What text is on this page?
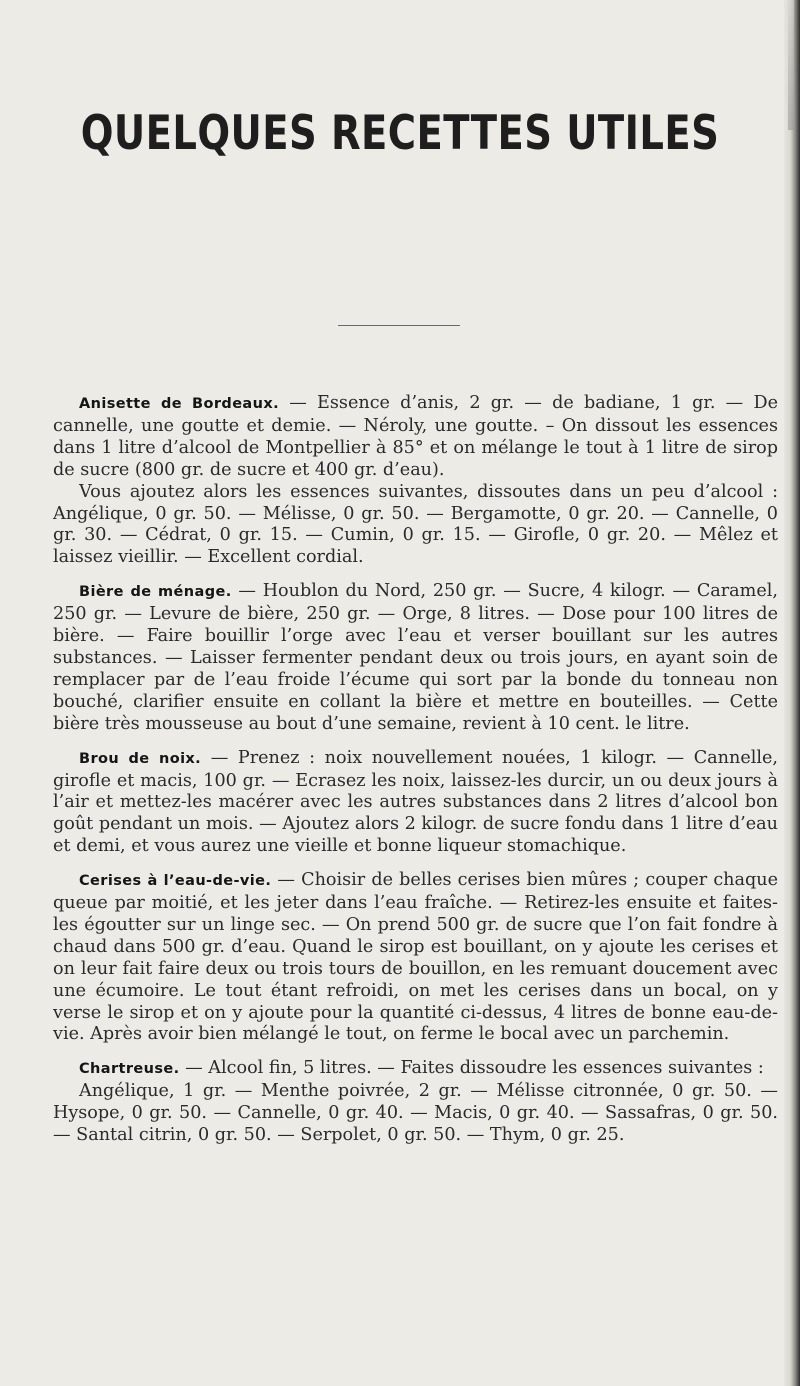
QUELQUES RECETTES UTILES

Anisette de Bordeaux. — Essence d’anis, 2 gr. — de badiane, 1 gr. — De cannelle, une goutte et demie. — Néroly, une goutte. – On dissout les essences dans 1 litre d’alcool de Montpellier à 85° et on mélange le tout à 1 litre de sirop de sucre (800 gr. de sucre et 400 gr. d’eau).

Vous ajoutez alors les essences suivantes, dissoutes dans un peu d’alcool : Angélique, 0 gr. 50. — Mélisse, 0 gr. 50. — Bergamotte, 0 gr. 20. — Cannelle, 0 gr. 30. — Cédrat, 0 gr. 15. — Cumin, 0 gr. 15. — Girofle, 0 gr. 20. — Mêlez et laissez vieillir. — Excellent cordial.

Bière de ménage. — Houblon du Nord, 250 gr. — Sucre, 4 kilogr. — Caramel, 250 gr. — Levure de bière, 250 gr. — Orge, 8 litres. — Dose pour 100 litres de bière. — Faire bouillir l’orge avec l’eau et verser bouillant sur les autres substances. — Laisser fermenter pendant deux ou trois jours, en ayant soin de remplacer par de l’eau froide l’écume qui sort par la bonde du tonneau non bouché, clarifier ensuite en collant la bière et mettre en bouteilles. — Cette bière très mousseuse au bout d’une semaine, revient à 10 cent. le litre.

Brou de noix. — Prenez : noix nouvellement nouées, 1 kilogr. — Cannelle, girofle et macis, 100 gr. — Ecrasez les noix, laissez-les durcir, un ou deux jours à l’air et mettez-les macérer avec les autres substances dans 2 litres d’alcool bon goût pendant un mois. — Ajoutez alors 2 kilogr. de sucre fondu dans 1 litre d’eau et demi, et vous aurez une vieille et bonne liqueur stomachique.

Cerises à l’eau-de-vie. — Choisir de belles cerises bien mûres ; couper chaque queue par moitié, et les jeter dans l’eau fraîche. — Retirez-les ensuite et faites-les égoutter sur un linge sec. — On prend 500 gr. de sucre que l’on fait fondre à chaud dans 500 gr. d’eau. Quand le sirop est bouillant, on y ajoute les cerises et on leur fait faire deux ou trois tours de bouillon, en les remuant doucement avec une écumoire. Le tout étant refroidi, on met les cerises dans un bocal, on y verse le sirop et on y ajoute pour la quantité ci-dessus, 4 litres de bonne eau-de-vie. Après avoir bien mélangé le tout, on ferme le bocal avec un parchemin.

Chartreuse. — Alcool fin, 5 litres. — Faites dissoudre les essences suivantes :

Angélique, 1 gr. — Menthe poivrée, 2 gr. — Mélisse citronnée, 0 gr. 50. — Hysope, 0 gr. 50. — Cannelle, 0 gr. 40. — Macis, 0 gr. 40. — Sassafras, 0 gr. 50. — Santal citrin, 0 gr. 50. — Serpolet, 0 gr. 50. — Thym, 0 gr. 25.
